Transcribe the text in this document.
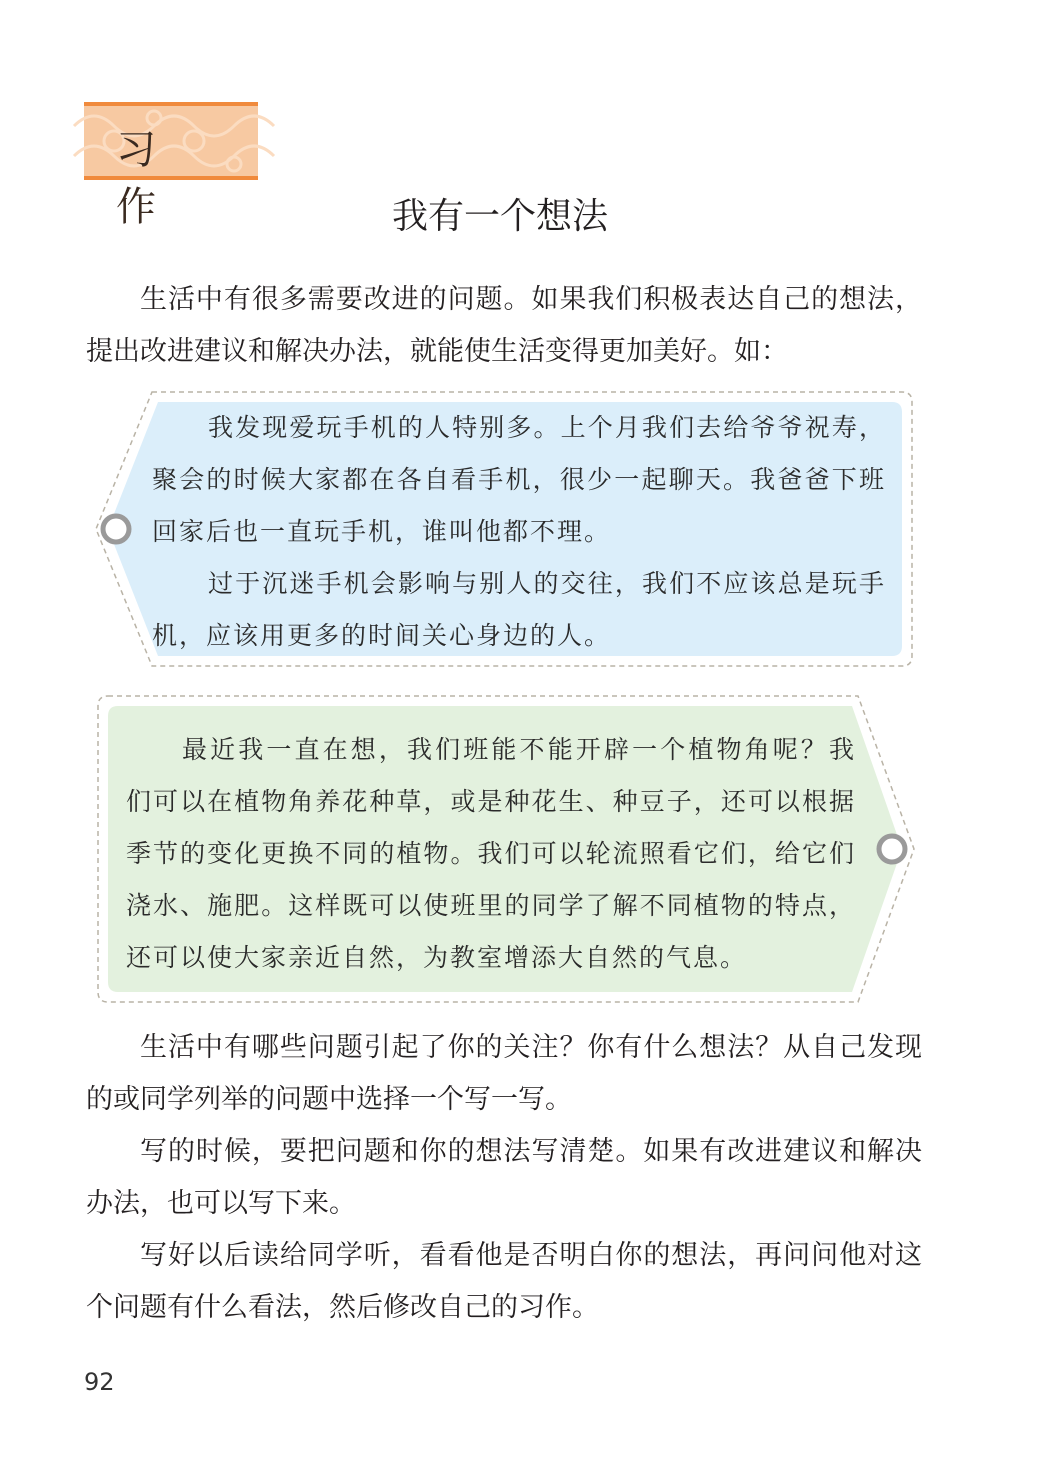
习 作	我有一个想法

生活中有很多需要改进的问题。如果我们积极表达自己的想法，提出改进建议和解决办法，就能使生活变得更加美好。如：

我发现爱玩手机的人特别多。上个月我们去给爷爷祝寿，聚会的时候大家都在各自看手机，很少一起聊天。我爸爸下班回家后也一直玩手机，谁叫他都不理。

过于沉迷手机会影响与别人的交往，我们不应该总是玩手机，应该用更多的时间关心身边的人。

最近我一直在想，我们班能不能开辟一个植物角呢？我们可以在植物角养花种草，或是种花生、种豆子，还可以根据季节的变化更换不同的植物。我们可以轮流照看它们，给它们浇水、施肥。这样既可以使班里的同学了解不同植物的特点，还可以使大家亲近自然，为教室增添大自然的气息。

生活中有哪些问题引起了你的关注？你有什么想法？从自己发现的或同学列举的问题中选择一个写一写。

写的时候，要把问题和你的想法写清楚。如果有改进建议和解决办法，也可以写下来。

写好以后读给同学听，看看他是否明白你的想法，再问问他对这个问题有什么看法，然后修改自己的习作。

92
